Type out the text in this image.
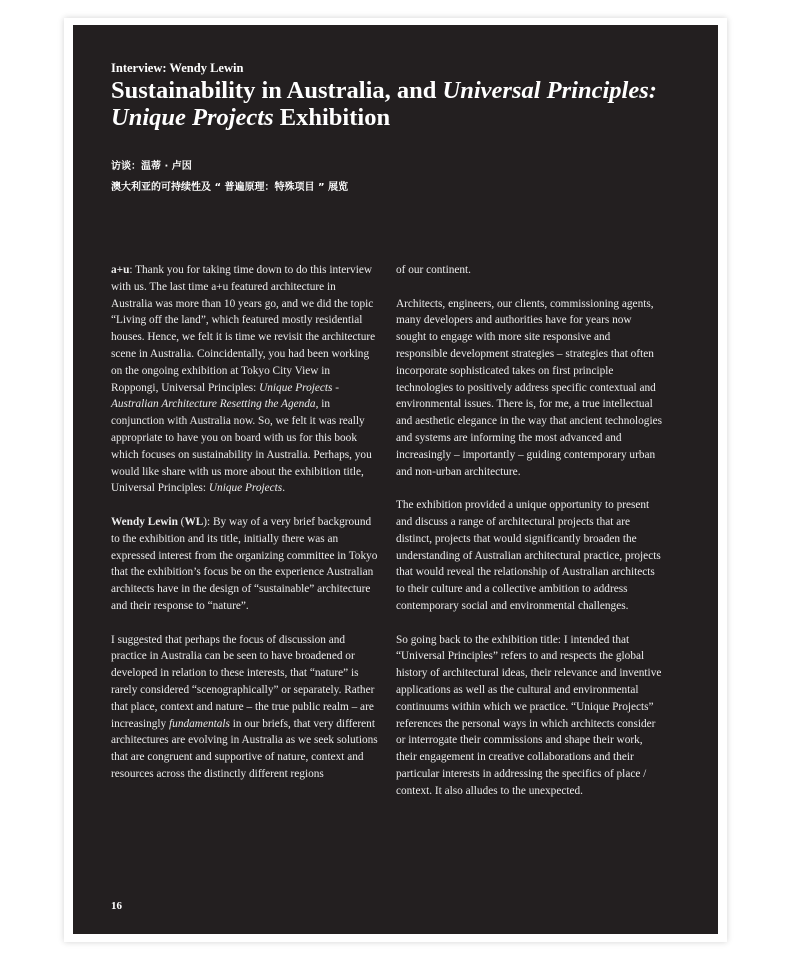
Interview: Wendy Lewin
Sustainability in Australia, and Universal Principles: Unique Projects Exhibition
访谈：温蒂 · 卢因
澳大利亚的可持续性及 “ 普遍原理：特殊项目 ” 展览

a+u: Thank you for taking time down to do this interview with us. The last time a+u featured architecture in Australia was more than 10 years go, and we did the topic “Living off the land”, which featured mostly residential houses. Hence, we felt it is time we revisit the architecture scene in Australia. Coincidentally, you had been working on the ongoing exhibition at Tokyo City View in Roppongi, Universal Principles: Unique Projects - Australian Architecture Resetting the Agenda, in conjunction with Australia now. So, we felt it was really appropriate to have you on board with us for this book which focuses on sustainability in Australia. Perhaps, you would like share with us more about the exhibition title, Universal Principles: Unique Projects.

Wendy Lewin (WL): By way of a very brief background to the exhibition and its title, initially there was an expressed interest from the organizing committee in Tokyo that the exhibition’s focus be on the experience Australian architects have in the design of “sustainable” architecture and their response to “nature”.

I suggested that perhaps the focus of discussion and practice in Australia can be seen to have broadened or developed in relation to these interests, that “nature” is rarely considered “scenographically” or separately. Rather that place, context and nature – the true public realm – are increasingly fundamentals in our briefs, that very different architectures are evolving in Australia as we seek solutions that are congruent and supportive of nature, context and resources across the distinctly different regions

of our continent.

Architects, engineers, our clients, commissioning agents, many developers and authorities have for years now sought to engage with more site responsive and responsible development strategies – strategies that often incorporate sophisticated takes on first principle technologies to positively address specific contextual and environmental issues. There is, for me, a true intellectual and aesthetic elegance in the way that ancient technologies and systems are informing the most advanced and increasingly – importantly – guiding contemporary urban and non-urban architecture.

The exhibition provided a unique opportunity to present and discuss a range of architectural projects that are distinct, projects that would significantly broaden the understanding of Australian architectural practice, projects that would reveal the relationship of Australian architects to their culture and a collective ambition to address contemporary social and environmental challenges.

So going back to the exhibition title: I intended that “Universal Principles” refers to and respects the global history of architectural ideas, their relevance and inventive applications as well as the cultural and environmental continuums within which we practice. “Unique Projects” references the personal ways in which architects consider or interrogate their commissions and shape their work, their engagement in creative collaborations and their particular interests in addressing the specifics of place / context. It also alludes to the unexpected.

16
